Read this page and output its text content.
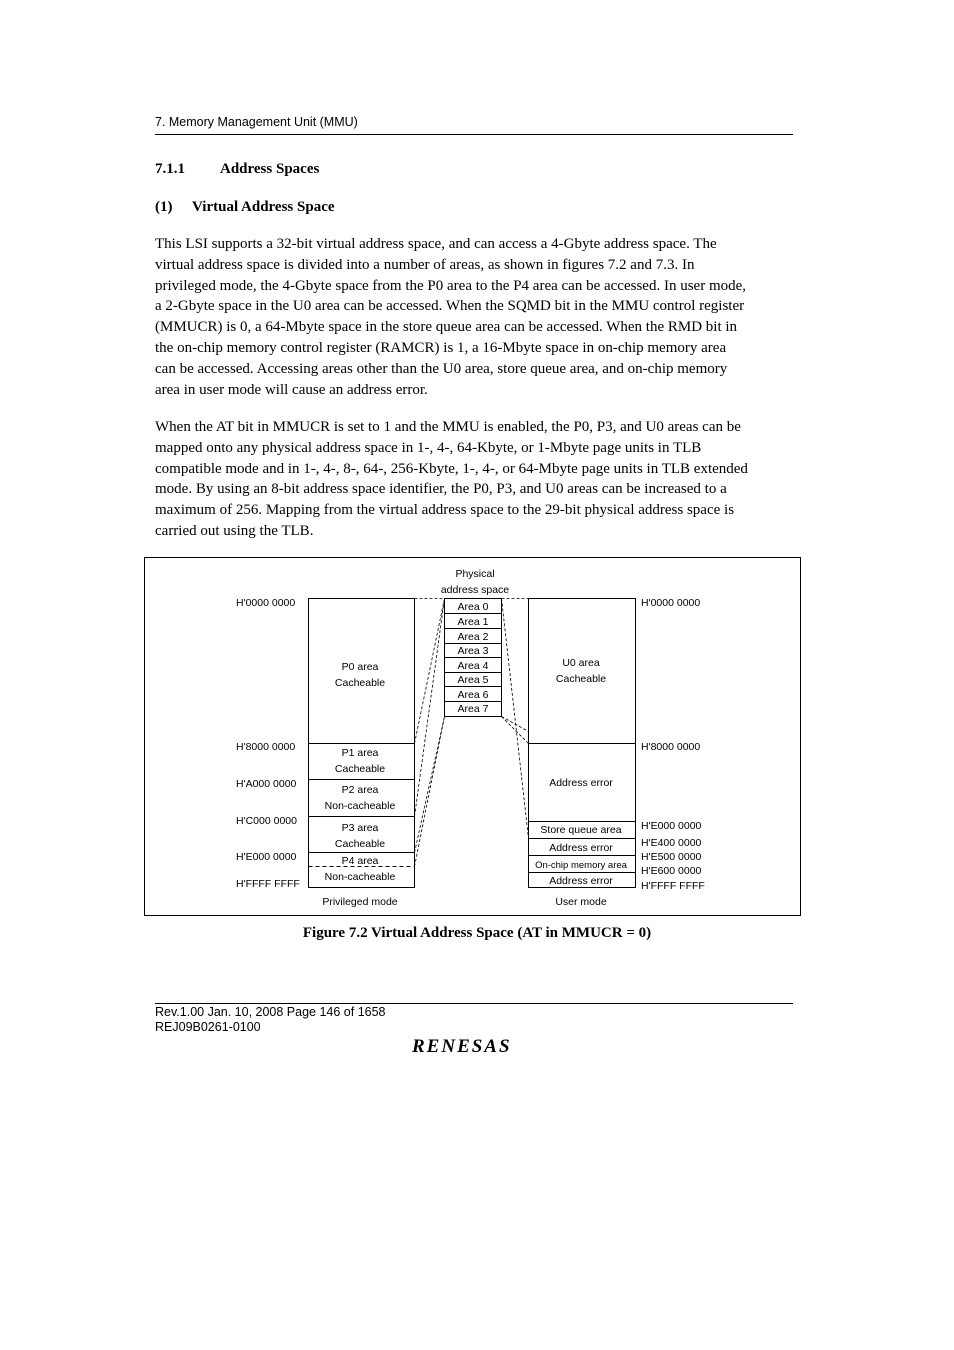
7. Memory Management Unit (MMU)
7.1.1 Address Spaces
(1) Virtual Address Space

This LSI supports a 32-bit virtual address space, and can access a 4-Gbyte address space. The
virtual address space is divided into a number of areas, as shown in figures 7.2 and 7.3. In
privileged mode, the 4-Gbyte space from the P0 area to the P4 area can be accessed. In user mode,
a 2-Gbyte space in the U0 area can be accessed. When the SQMD bit in the MMU control register
(MMUCR) is 0, a 64-Mbyte space in the store queue area can be accessed. When the RMD bit in
the on-chip memory control register (RAMCR) is 1, a 16-Mbyte space in on-chip memory area
can be accessed. Accessing areas other than the U0 area, store queue area, and on-chip memory
area in user mode will cause an address error.

When the AT bit in MMUCR is set to 1 and the MMU is enabled, the P0, P3, and U0 areas can be
mapped onto any physical address space in 1-, 4-, 64-Kbyte, or 1-Mbyte page units in TLB
compatible mode and in 1-, 4-, 8-, 64-, 256-Kbyte, 1-, 4-, or 64-Mbyte page units in TLB extended
mode. By using an 8-bit address space identifier, the P0, P3, and U0 areas can be increased to a
maximum of 256. Mapping from the virtual address space to the 29-bit physical address space is
carried out using the TLB.

Physical
address space
H'0000 0000
H'8000 0000
H'A000 0000
H'C000 0000
H'E000 0000
H'FFFF FFFF
P0 area
Cacheable
P1 area
Cacheable
P2 area
Non-cacheable
P3 area
Cacheable
P4 area
Non-cacheable
Privileged mode
Area 0
Area 1
Area 2
Area 3
Area 4
Area 5
Area 6
Area 7
U0 area
Cacheable
Address error
Store queue area
Address error
On-chip memory area
Address error
User mode
H'0000 0000
H'8000 0000
H'E000 0000
H'E400 0000
H'E500 0000
H'E600 0000
H'FFFF FFFF
Figure 7.2 Virtual Address Space (AT in MMUCR = 0)
Rev.1.00 Jan. 10, 2008 Page 146 of 1658
REJ09B0261-0100
RENESAS
